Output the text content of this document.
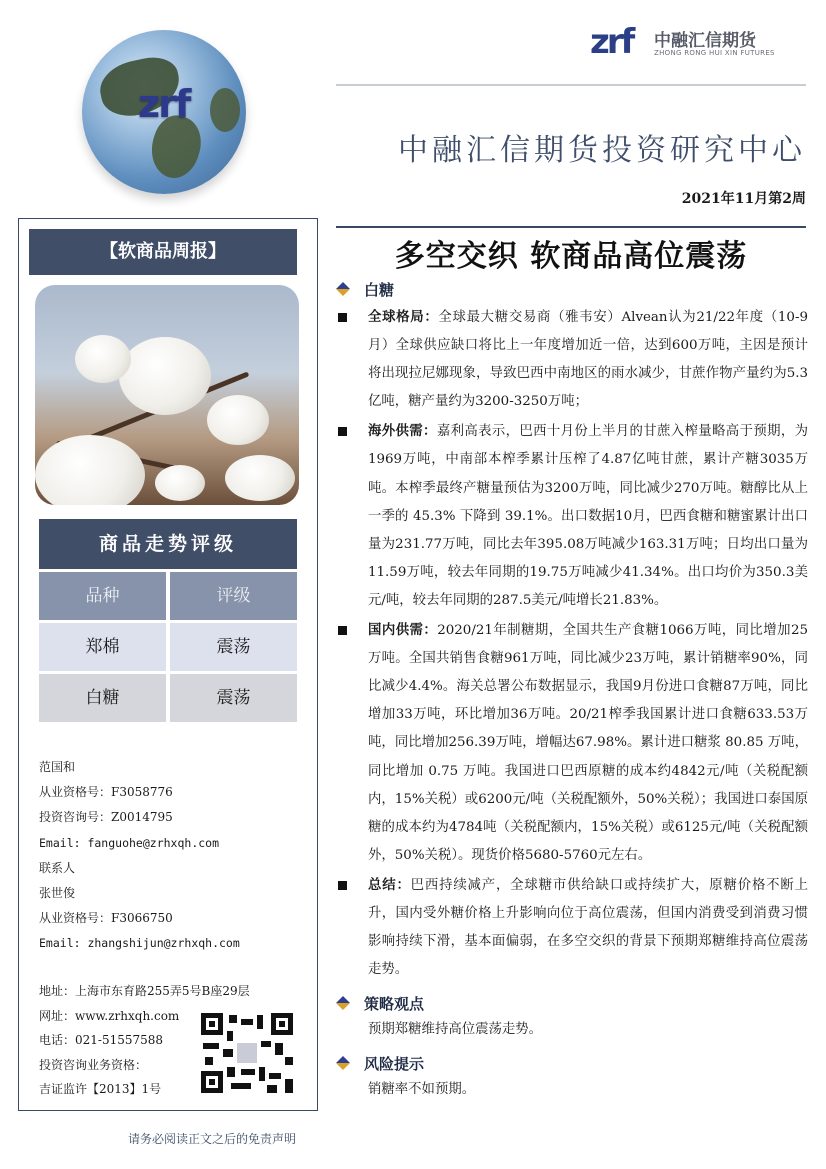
zrf
zrf 中融汇信期货
ZHONG RONG HUI XIN FUTURES
中融汇信期货投资研究中心
2021年11月第2周
【软商品周报】
商品走势评级
品种	评级
郑棉	震荡
白糖	震荡
范国和
从业资格号：F3058776
投资咨询号：Z0014795
Email: fanguohe@zrhxqh.com
联系人
张世俊
从业资格号：F3066750
Email: zhangshijun@zrhxqh.com
地址：上海市东育路255弄5号B座29层
网址：www.zrhxqh.com
电话：021-51557588
投资咨询业务资格：
吉证监许【2013】1号
请务必阅读正文之后的免责声明
多空交织 软商品高位震荡
白糖
全球格局：全球最大糖交易商（雅韦安）Alvean认为21/22年度（10-9月）全球供应缺口将比上一年度增加近一倍，达到600万吨，主因是预计将出现拉尼娜现象，导致巴西中南地区的雨水减少，甘蔗作物产量约为5.3亿吨，糖产量约为3200-3250万吨；
海外供需：嘉利高表示，巴西十月份上半月的甘蔗入榨量略高于预期，为1969万吨，中南部本榨季累计压榨了4.87亿吨甘蔗，累计产糖3035万吨。本榨季最终产糖量预估为3200万吨，同比减少270万吨。糖醇比从上一季的 45.3% 下降到 39.1%。出口数据10月，巴西食糖和糖蜜累计出口量为231.77万吨，同比去年395.08万吨减少163.31万吨；日均出口量为11.59万吨，较去年同期的19.75万吨减少41.34%。出口均价为350.3美元/吨，较去年同期的287.5美元/吨增长21.83%。
国内供需：2020/21年制糖期，全国共生产食糖1066万吨，同比增加25万吨。全国共销售食糖961万吨，同比减少23万吨，累计销糖率90%，同比减少4.4%。海关总署公布数据显示，我国9月份进口食糖87万吨，同比增加33万吨，环比增加36万吨。20/21榨季我国累计进口食糖633.53万吨，同比增加256.39万吨，增幅达67.98%。累计进口糖浆 80.85 万吨，同比增加 0.75 万吨。我国进口巴西原糖的成本约4842元/吨（关税配额内，15%关税）或6200元/吨（关税配额外，50%关税）；我国进口泰国原糖的成本约为4784吨（关税配额内，15%关税）或6125元/吨（关税配额外，50%关税）。现货价格5680-5760元左右。
总结：巴西持续减产，全球糖市供给缺口或持续扩大，原糖价格不断上升，国内受外糖价格上升影响向位于高位震荡，但国内消费受到消费习惯影响持续下滑，基本面偏弱，在多空交织的背景下预期郑糖维持高位震荡走势。
策略观点
预期郑糖维持高位震荡走势。
风险提示
销糖率不如预期。
